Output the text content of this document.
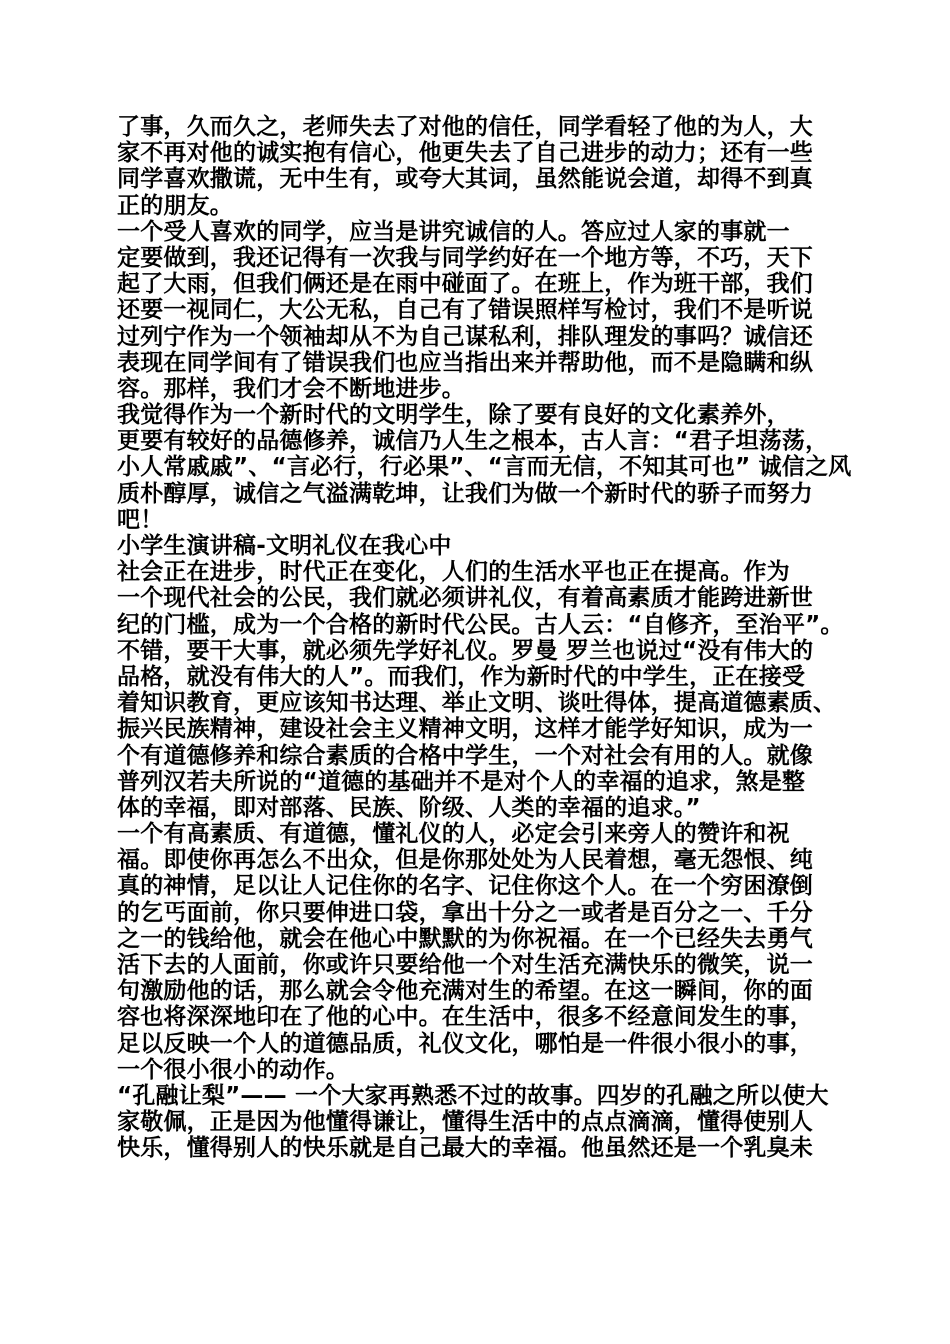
了事，久而久之，老师失去了对他的信任，同学看轻了他的为人，大
家不再对他的诚实抱有信心，他更失去了自己进步的动力；还有一些
同学喜欢撒谎，无中生有，或夸大其词，虽然能说会道，却得不到真
正的朋友。
一个受人喜欢的同学，应当是讲究诚信的人。答应过人家的事就一
定要做到，我还记得有一次我与同学约好在一个地方等，不巧，天下
起了大雨，但我们俩还是在雨中碰面了。在班上，作为班干部，我们
还要一视同仁，大公无私，自己有了错误照样写检讨，我们不是听说
过列宁作为一个领袖却从不为自己谋私利，排队理发的事吗？诚信还
表现在同学间有了错误我们也应当指出来并帮助他，而不是隐瞒和纵
容。那样，我们才会不断地进步。
我觉得作为一个新时代的文明学生，除了要有良好的文化素养外，
更要有较好的品德修养，诚信乃人生之根本，古人言：“君子坦荡荡，
小人常戚戚”、“言必行，行必果”、“言而无信，不知其可也” 诚信之风
质朴醇厚，诚信之气溢满乾坤，让我们为做一个新时代的骄子而努力
吧！
小学生演讲稿-文明礼仪在我心中
社会正在进步，时代正在变化，人们的生活水平也正在提高。作为
一个现代社会的公民，我们就必须讲礼仪，有着高素质才能跨进新世
纪的门槛，成为一个合格的新时代公民。古人云：“自修齐，至治平”。
不错，要干大事，就必须先学好礼仪。罗曼 罗兰也说过“没有伟大的
品格，就没有伟大的人”。而我们，作为新时代的中学生，正在接受
着知识教育，更应该知书达理、举止文明、谈吐得体，提高道德素质、
振兴民族精神，建设社会主义精神文明，这样才能学好知识，成为一
个有道德修养和综合素质的合格中学生，一个对社会有用的人。就像
普列汉若夫所说的“道德的基础并不是对个人的幸福的追求，煞是整
体的幸福，即对部落、民族、阶级、人类的幸福的追求。”
一个有高素质、有道德，懂礼仪的人，必定会引来旁人的赞许和祝
福。即使你再怎么不出众，但是你那处处为人民着想，毫无怨恨、纯
真的神情，足以让人记住你的名字、记住你这个人。在一个穷困潦倒
的乞丐面前，你只要伸进口袋，拿出十分之一或者是百分之一、千分
之一的钱给他，就会在他心中默默的为你祝福。在一个已经失去勇气
活下去的人面前，你或许只要给他一个对生活充满快乐的微笑，说一
句激励他的话，那么就会令他充满对生的希望。在这一瞬间，你的面
容也将深深地印在了他的心中。在生活中，很多不经意间发生的事，
足以反映一个人的道德品质，礼仪文化，哪怕是一件很小很小的事，
一个很小很小的动作。
“孔融让梨”—— 一个大家再熟悉不过的故事。四岁的孔融之所以使大
家敬佩，正是因为他懂得谦让，懂得生活中的点点滴滴，懂得使别人
快乐，懂得别人的快乐就是自己最大的幸福。他虽然还是一个乳臭未
